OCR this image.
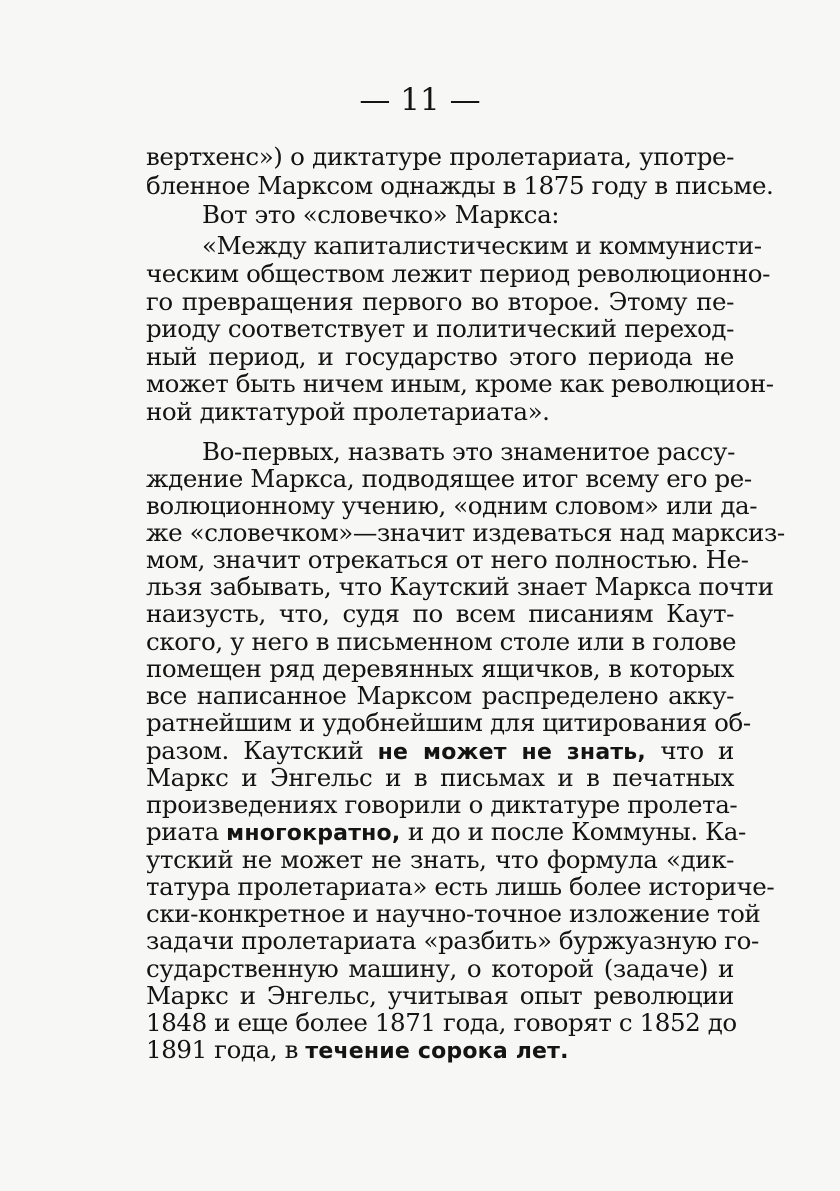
— 11 —
вертхенс») о диктатуре пролетариата, употре-
бленное Марксом однажды в 1875 году в письме.
Вот это «словечко» Маркса:
«Между капиталистическим и коммунисти-
ческим обществом лежит период революционно-
го превращения первого во второе. Этому пе-
риоду соответствует и политический переход-
ный период, и государство этого периода не
может быть ничем иным, кроме как революцион-
ной диктатурой пролетариата».
Во-первых, назвать это знаменитое рассу-
ждение Маркса, подводящее итог всему его ре-
волюционному учению, «одним словом» или да-
же «словечком»—значит издеваться над марксиз-
мом, значит отрекаться от него полностью. Не-
льзя забывать, что Каутский знает Маркса почти
наизусть, что, судя по всем писаниям Каут-
ского, у него в письменном столе или в голове
помещен ряд деревянных ящичков, в которых
все написанное Марксом распределено акку-
ратнейшим и удобнейшим для цитирования об-
разом. Каутский не может не знать, что и
Маркс и Энгельс и в письмах и в печатных
произведениях говорили о диктатуре пролета-
риата многократно, и до и после Коммуны. Ка-
утский не может не знать, что формула «дик-
татура пролетариата» есть лишь более историче-
ски-конкретное и научно-точное изложение той
задачи пролетариата «разбить» буржуазную го-
сударственную машину, о которой (задаче) и
Маркс и Энгельс, учитывая опыт революции
1848 и еще более 1871 года, говорят с 1852 до
1891 года, в течение сорока лет.
